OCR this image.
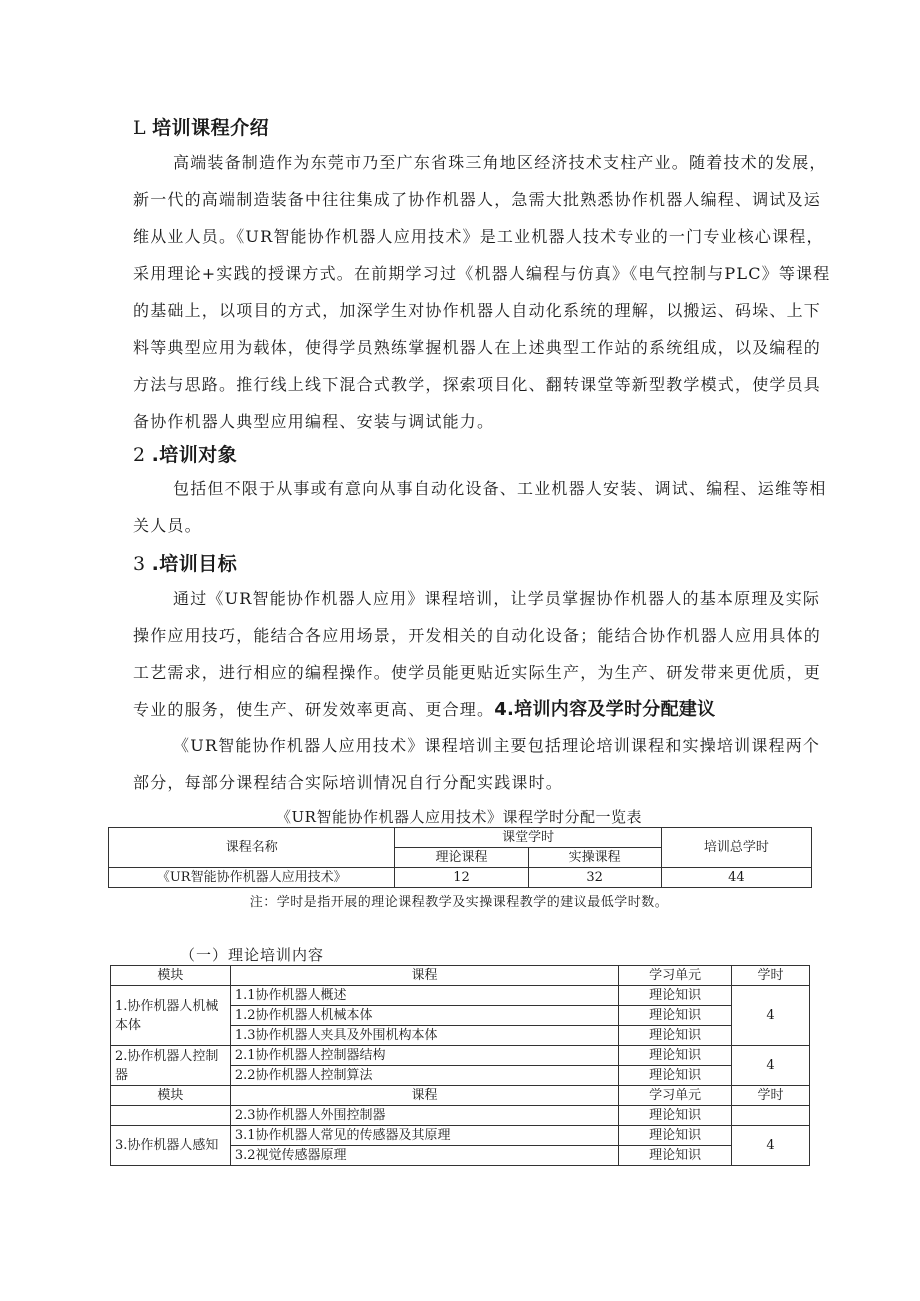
L 培训课程介绍
高端装备制造作为东莞市乃至广东省珠三角地区经济技术支柱产业。随着技术的发展，
新一代的高端制造装备中往往集成了协作机器人，急需大批熟悉协作机器人编程、调试及运
维从业人员。《UR智能协作机器人应用技术》是工业机器人技术专业的一门专业核心课程，
采用理论+实践的授课方式。在前期学习过《机器人编程与仿真》《电气控制与PLC》等课程
的基础上，以项目的方式，加深学生对协作机器人自动化系统的理解，以搬运、码垛、上下
料等典型应用为载体，使得学员熟练掌握机器人在上述典型工作站的系统组成，以及编程的
方法与思路。推行线上线下混合式教学，探索项目化、翻转课堂等新型教学模式，使学员具
备协作机器人典型应用编程、安装与调试能力。
2 .培训对象
包括但不限于从事或有意向从事自动化设备、工业机器人安装、调试、编程、运维等相
关人员。
3 .培训目标
通过《UR智能协作机器人应用》课程培训，让学员掌握协作机器人的基本原理及实际
操作应用技巧，能结合各应用场景，开发相关的自动化设备；能结合协作机器人应用具体的
工艺需求，进行相应的编程操作。使学员能更贴近实际生产，为生产、研发带来更优质，更
专业的服务，使生产、研发效率更高、更合理。4.培训内容及学时分配建议
《UR智能协作机器人应用技术》课程培训主要包括理论培训课程和实操培训课程两个
部分，每部分课程结合实际培训情况自行分配实践课时。
《UR智能协作机器人应用技术》课程学时分配一览表
课程名称	课堂学时		培训总学时
	理论课程	实操课程	
《UR智能协作机器人应用技术》	12	32	44
注：学时是指开展的理论课程教学及实操课程教学的建议最低学时数。
（一）理论培训内容
模块	课程	学习单元	学时
1.协作机器人机械本体	1.1协作机器人概述	理论知识	4
	1.2协作机器人机械本体	理论知识	
	1.3协作机器人夹具及外围机构本体	理论知识	
2.协作机器人控制器	2.1协作机器人控制器结构	理论知识	4
	2.2协作机器人控制算法	理论知识	
模块	课程	学习单元	学时
	2.3协作机器人外围控制器	理论知识	
3.协作机器人感知	3.1协作机器人常见的传感器及其原理	理论知识	4
	3.2视觉传感器原理	理论知识	
